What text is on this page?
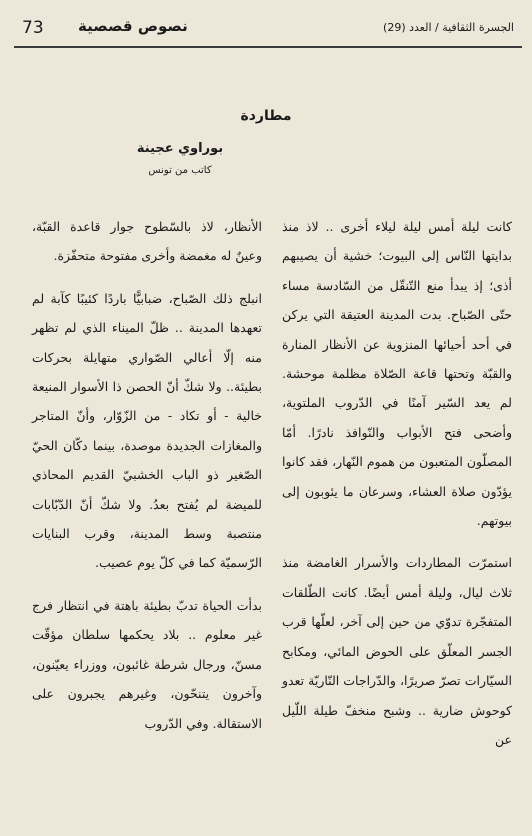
73 نصوص قصصية	الجسرة الثقافية / العدد (29)
مطاردة
بوراوي عجينة
كاتب من تونس

كانت ليلة أمس ليلة ليلاء أخرى .. لاذ منذ بدايتها النّاس إلى البيوت؛ خشية أن يصيبهم أذى؛ إذ يبدأ منع التّنقّل من السّادسة مساء حتّى الصّباح. بدت المدينة العتيقة التي يركن في أحد أحيائها المنزوية عن الأنظار المنارة والقبّة وتحتها قاعة الصّلاة مظلمة موحشة. لم يعد السّير آمنًا في الدّروب الملتوية، وأضحى فتح الأبواب والنّوافذ نادرًا. أمّا المصلّون المتعبون من هموم النّهار، فقد كانوا يؤدّون صلاة العشاء، وسرعان ما يئوبون إلى بيوتهم.

استمرّت المطاردات والأسرار الغامضة منذ ثلاث ليال، وليلة أمس أيضًا. كانت الطّلقات المتفجّرة تدوّي من حين إلى آخر، لعلّها قرب الجسر المعلّق على الحوض المائي، ومكابح السيّارات تصرّ صريرًا، والدّراجات النّاريّة تعدو كوحوش ضارية .. وشبح منخفّ طيلة اللّيل عن

الأنظار، لاذ بالسّطوح جوار قاعدة القبّة، وعينٌ له مغمضة وأخرى مفتوحة متحفّزة.

انبلج ذلك الصّباح، ضبابيًّا باردًا كئيبًا كآبة لم تعهدها المدينة .. ظلّ الميناء الذي لم تظهر منه إلّا أعالي الصّواري متهايلة بحركات بطيئة.. ولا شكّ أنّ الحصن ذا الأسوار المنيعة خالية - أو تكاد - من الزّوّار، وأنّ المتاجر والمغازات الجديدة موصدة، بينما دكّان الحيّ الصّغير ذو الباب الخشبيّ القديم المحاذي للميضة لم يُفتح بعدُ. ولا شكّ أنّ الدّبّابات منتصبة وسط المدينة، وقرب البنايات الرّسميّة كما في كلّ يوم عصيب.

بدأت الحياة تدبّ بطيئة باهتة في انتظار فرج غير معلوم .. بلاد يحكمها سلطان مؤقّت مسنّ، ورجال شرطة غائبون، ووزراء يعيّنون، وآخرون يتنحّون، وغيرهم يجبرون على الاستقالة. وفي الدّروب
